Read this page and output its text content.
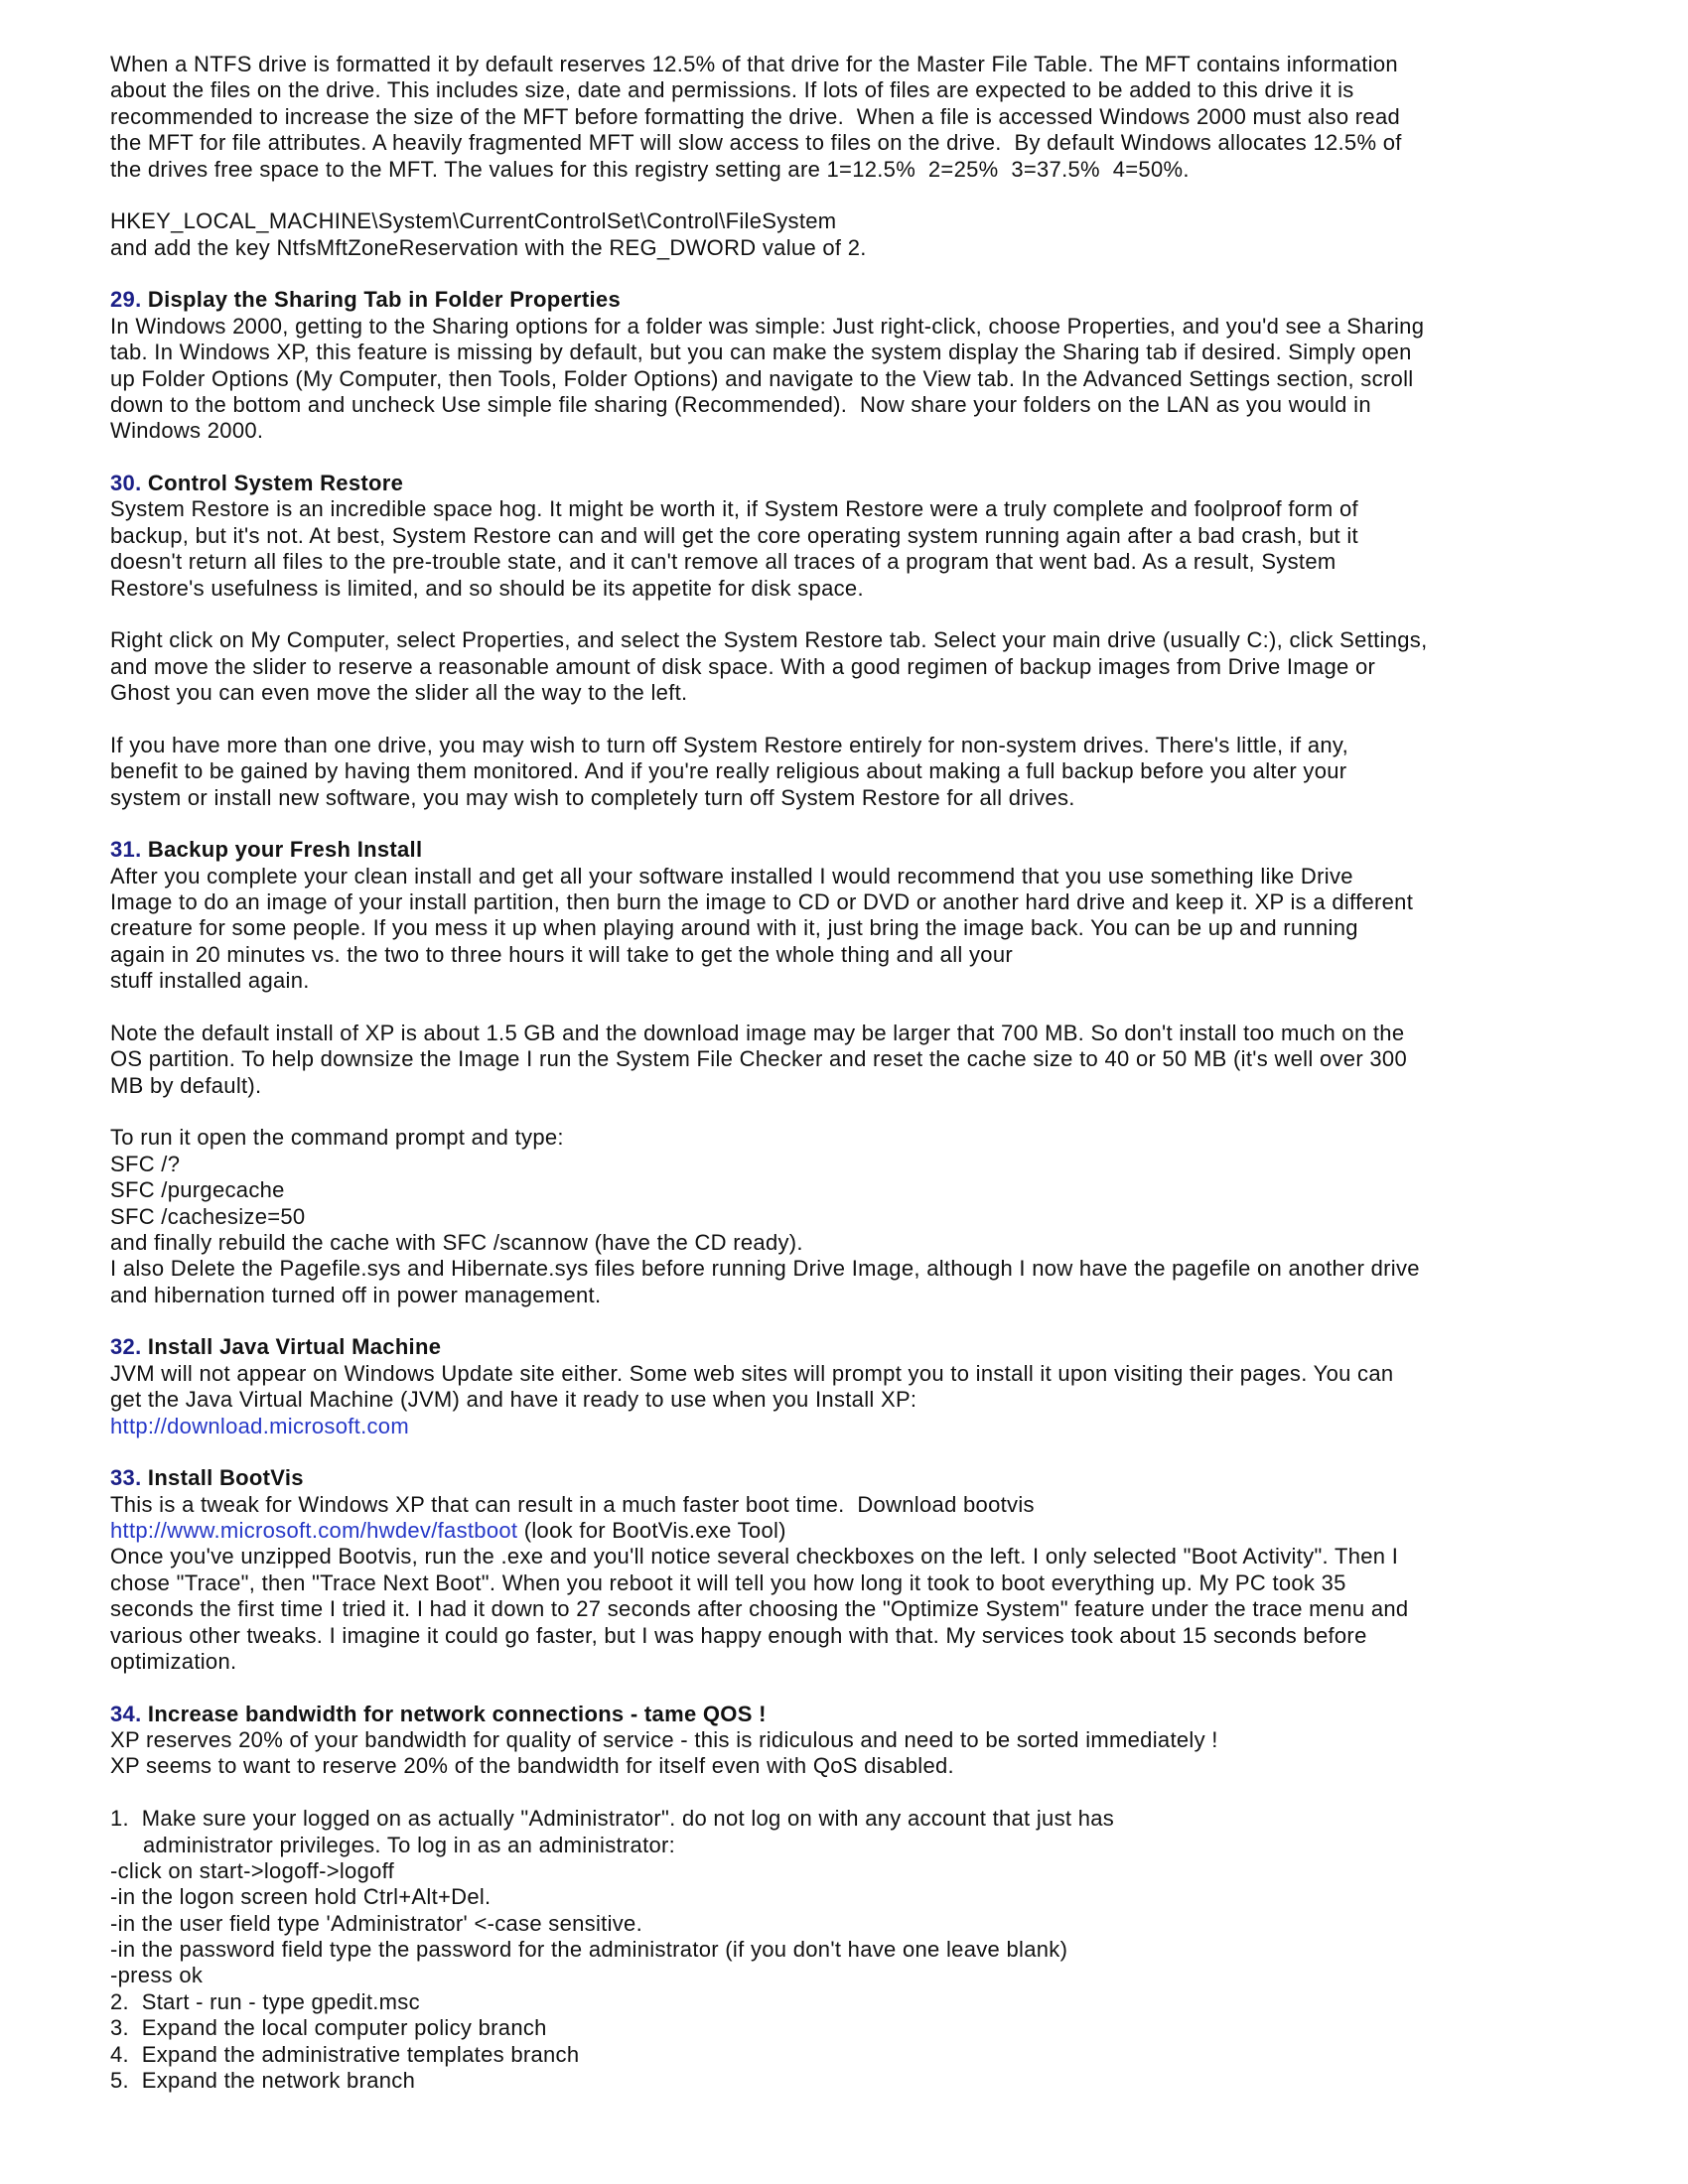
When a NTFS drive is formatted it by default reserves 12.5% of that drive for the Master File Table. The MFT contains information
about the files on the drive. This includes size, date and permissions. If lots of files are expected to be added to this drive it is
recommended to increase the size of the MFT before formatting the drive.  When a file is accessed Windows 2000 must also read
the MFT for file attributes. A heavily fragmented MFT will slow access to files on the drive.  By default Windows allocates 12.5% of
the drives free space to the MFT. The values for this registry setting are 1=12.5%  2=25%  3=37.5%  4=50%.
HKEY_LOCAL_MACHINE\System\CurrentControlSet\Control\FileSystem
and add the key NtfsMftZoneReservation with the REG_DWORD value of 2.
29. Display the Sharing Tab in Folder Properties
In Windows 2000, getting to the Sharing options for a folder was simple: Just right-click, choose Properties, and you'd see a Sharing
tab. In Windows XP, this feature is missing by default, but you can make the system display the Sharing tab if desired. Simply open
up Folder Options (My Computer, then Tools, Folder Options) and navigate to the View tab. In the Advanced Settings section, scroll
down to the bottom and uncheck Use simple file sharing (Recommended).  Now share your folders on the LAN as you would in
Windows 2000.
30. Control System Restore
System Restore is an incredible space hog. It might be worth it, if System Restore were a truly complete and foolproof form of
backup, but it's not. At best, System Restore can and will get the core operating system running again after a bad crash, but it
doesn't return all files to the pre-trouble state, and it can't remove all traces of a program that went bad. As a result, System
Restore's usefulness is limited, and so should be its appetite for disk space.
Right click on My Computer, select Properties, and select the System Restore tab. Select your main drive (usually C:), click Settings,
and move the slider to reserve a reasonable amount of disk space. With a good regimen of backup images from Drive Image or
Ghost you can even move the slider all the way to the left.
If you have more than one drive, you may wish to turn off System Restore entirely for non-system drives. There's little, if any,
benefit to be gained by having them monitored. And if you're really religious about making a full backup before you alter your
system or install new software, you may wish to completely turn off System Restore for all drives.
31. Backup your Fresh Install
After you complete your clean install and get all your software installed I would recommend that you use something like Drive
Image to do an image of your install partition, then burn the image to CD or DVD or another hard drive and keep it. XP is a different
creature for some people. If you mess it up when playing around with it, just bring the image back. You can be up and running
again in 20 minutes vs. the two to three hours it will take to get the whole thing and all your
stuff installed again.
Note the default install of XP is about 1.5 GB and the download image may be larger that 700 MB. So don't install too much on the
OS partition. To help downsize the Image I run the System File Checker and reset the cache size to 40 or 50 MB (it's well over 300
MB by default).
To run it open the command prompt and type:
SFC /?
SFC /purgecache
SFC /cachesize=50
and finally rebuild the cache with SFC /scannow (have the CD ready).
I also Delete the Pagefile.sys and Hibernate.sys files before running Drive Image, although I now have the pagefile on another drive
and hibernation turned off in power management.
32. Install Java Virtual Machine
JVM will not appear on Windows Update site either. Some web sites will prompt you to install it upon visiting their pages. You can
get the Java Virtual Machine (JVM) and have it ready to use when you Install XP:
http://download.microsoft.com
33. Install BootVis
This is a tweak for Windows XP that can result in a much faster boot time.  Download bootvis
http://www.microsoft.com/hwdev/fastboot (look for BootVis.exe Tool)
Once you've unzipped Bootvis, run the .exe and you'll notice several checkboxes on the left. I only selected "Boot Activity". Then I
chose "Trace", then "Trace Next Boot". When you reboot it will tell you how long it took to boot everything up. My PC took 35
seconds the first time I tried it. I had it down to 27 seconds after choosing the "Optimize System" feature under the trace menu and
various other tweaks. I imagine it could go faster, but I was happy enough with that. My services took about 15 seconds before
optimization.
34. Increase bandwidth for network connections - tame QOS !
XP reserves 20% of your bandwidth for quality of service - this is ridiculous and need to be sorted immediately !
XP seems to want to reserve 20% of the bandwidth for itself even with QoS disabled.
1.  Make sure your logged on as actually "Administrator". do not log on with any account that just has
administrator privileges. To log in as an administrator:
-click on start->logoff->logoff
-in the logon screen hold Ctrl+Alt+Del.
-in the user field type 'Administrator' <-case sensitive.
-in the password field type the password for the administrator (if you don't have one leave blank)
-press ok
2.  Start - run - type gpedit.msc
3.  Expand the local computer policy branch
4.  Expand the administrative templates branch
5.  Expand the network branch
